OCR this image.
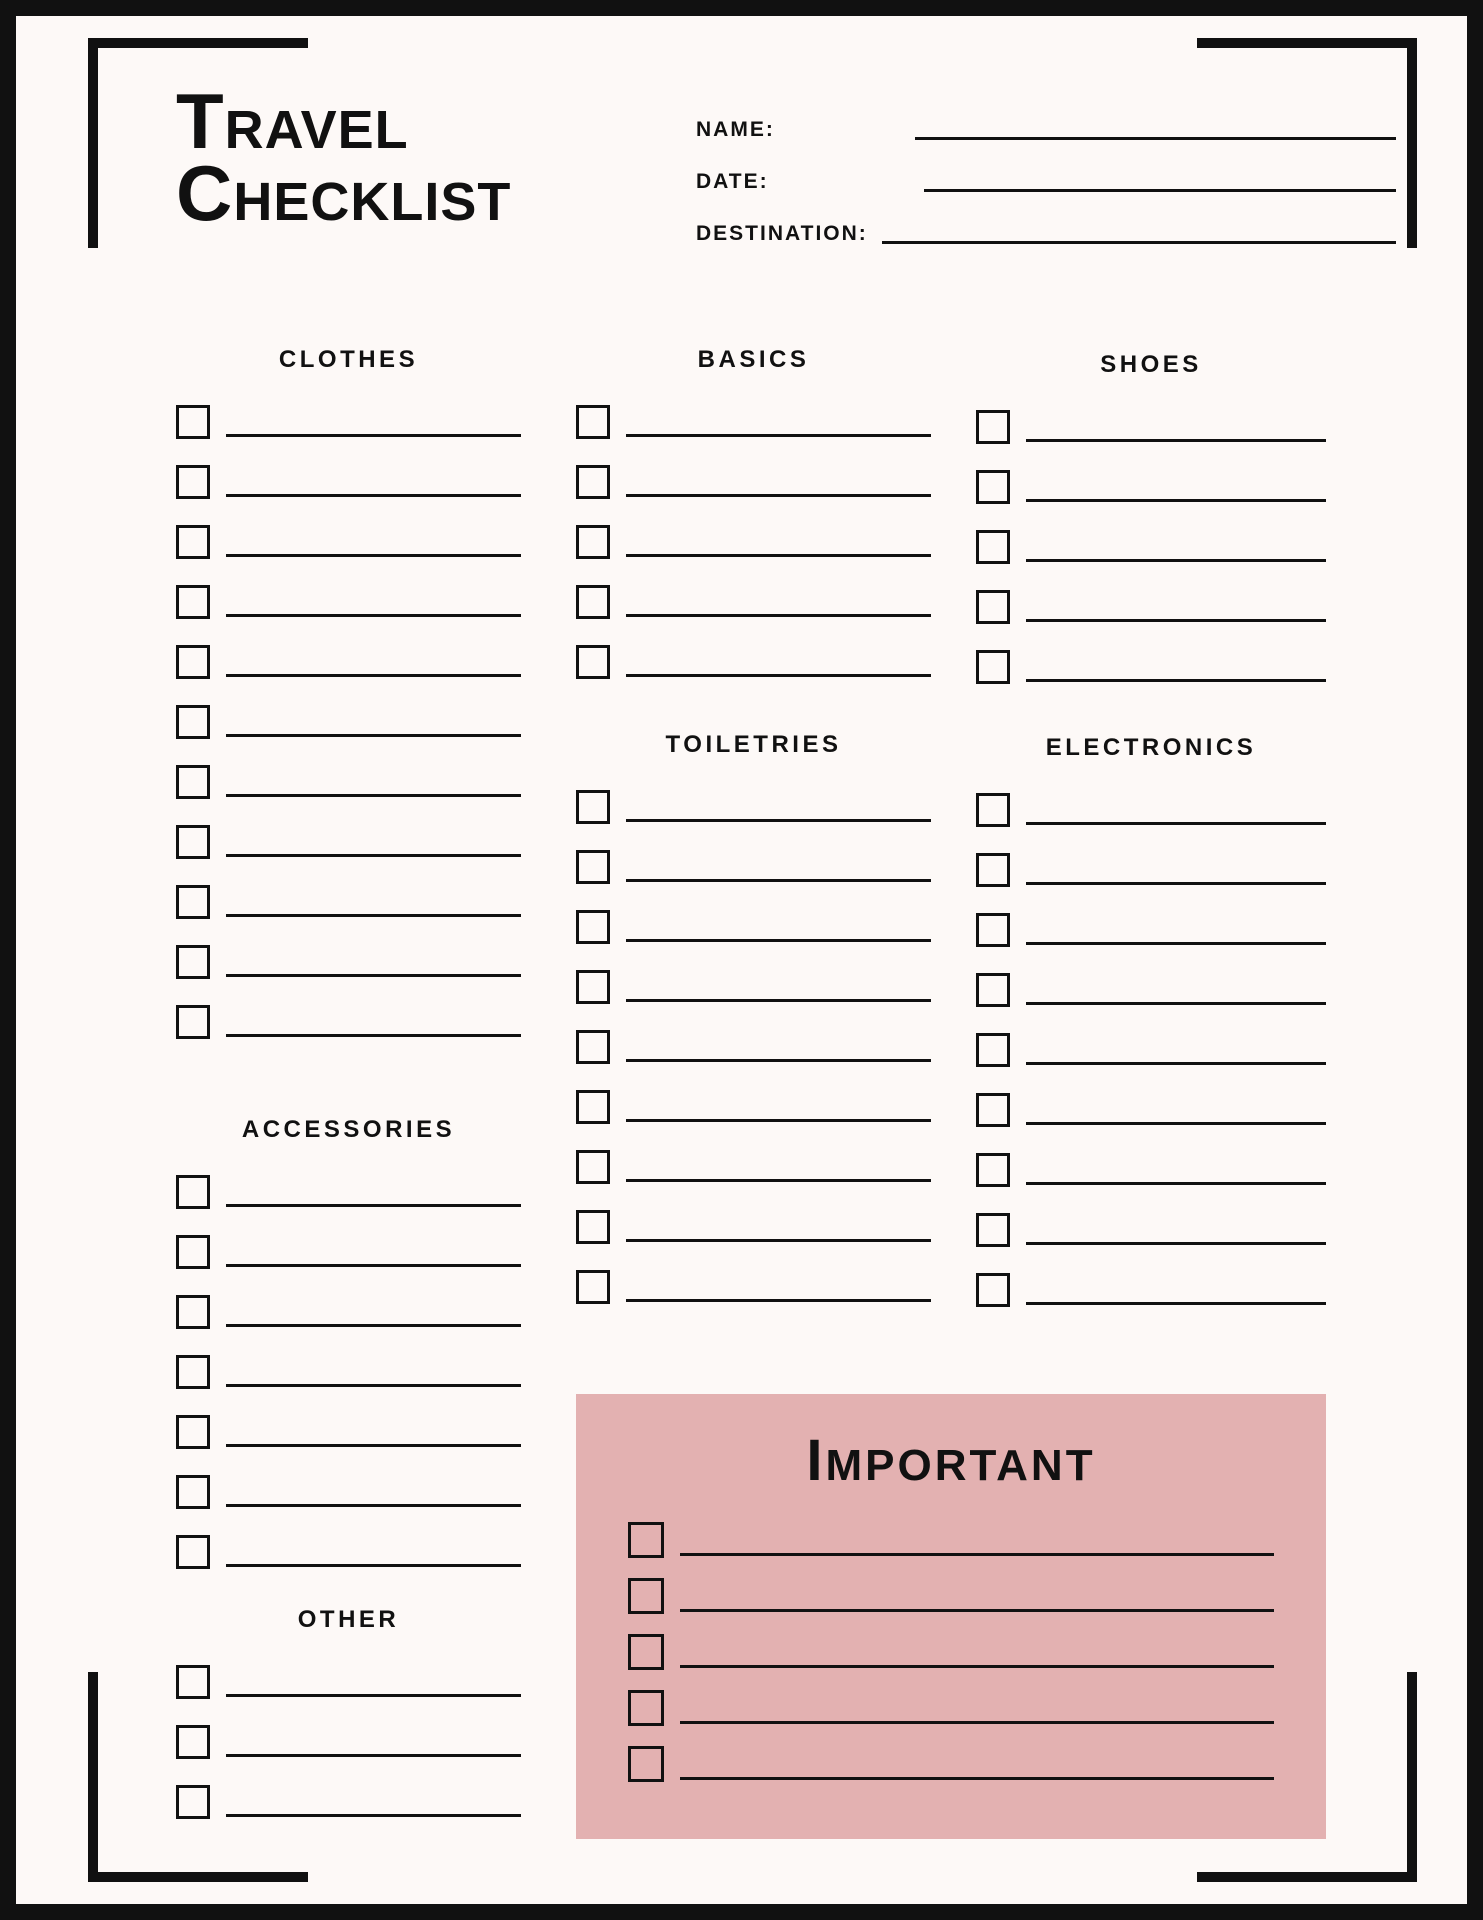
TRAVEL
CHECKLIST
NAME:
DATE:
DESTINATION:
CLOTHES
ACCESSORIES
OTHER
BASICS
TOILETRIES
SHOES
ELECTRONICS
IMPORTANT
